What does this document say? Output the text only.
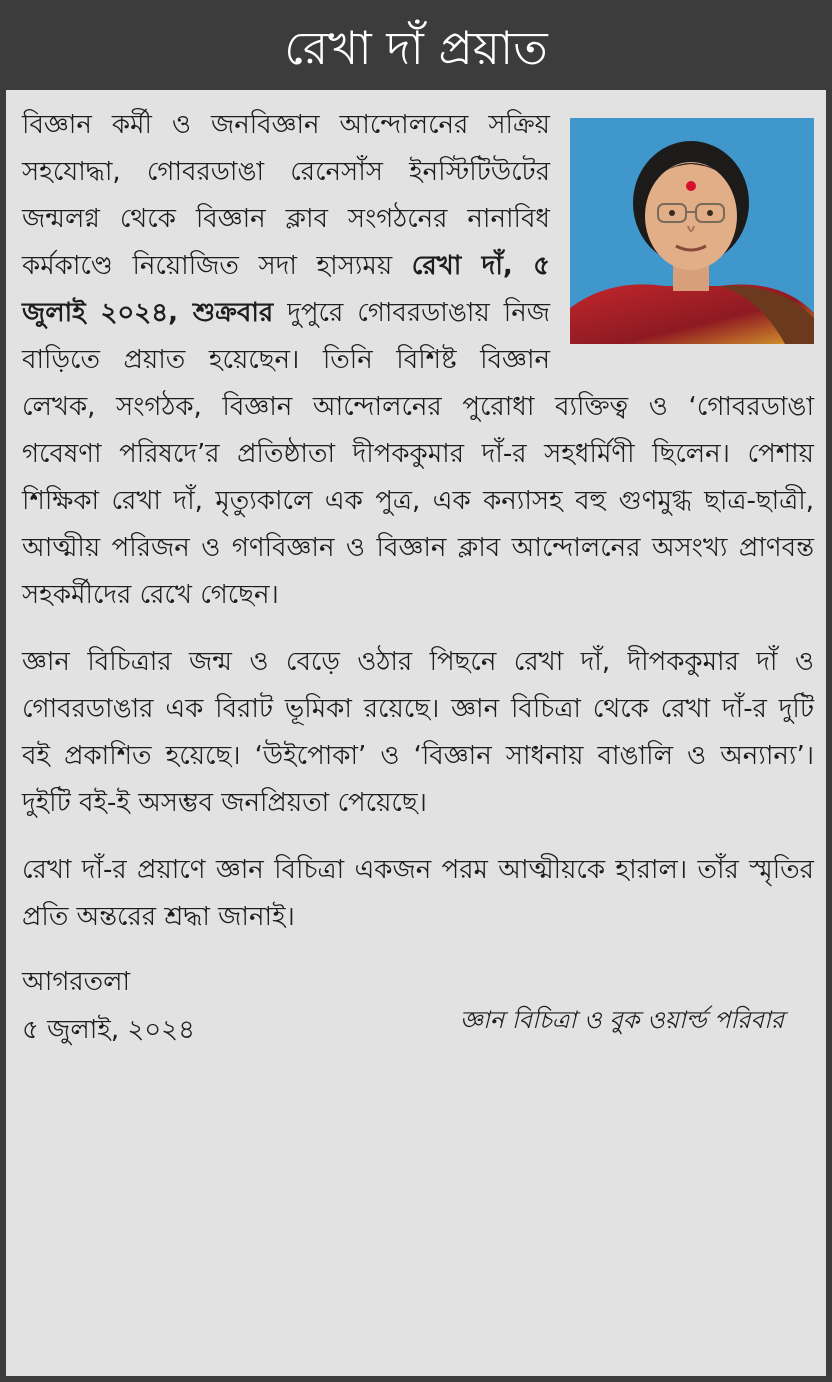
রেখা দাঁ প্রয়াত

বিজ্ঞান কর্মী ও জনবিজ্ঞান আন্দোলনের সক্রিয় সহযোদ্ধা, গোবরডাঙা রেনেসাঁস ইনস্টিটিউটের জন্মলগ্ন থেকে বিজ্ঞান ক্লাব সংগঠনের নানাবিধ কর্মকাণ্ডে নিয়োজিত সদা হাস্যময় রেখা দাঁ, ৫ জুলাই ২০২৪, শুক্রবার দুপুরে গোবরডাঙায় নিজ বাড়িতে প্রয়াত হয়েছেন। তিনি বিশিষ্ট বিজ্ঞান লেখক, সংগঠক, বিজ্ঞান আন্দোলনের পুরোধা ব্যক্তিত্ব ও ‘গোবরডাঙা গবেষণা পরিষদে’র প্রতিষ্ঠাতা দীপককুমার দাঁ-র সহধর্মিণী ছিলেন। পেশায় শিক্ষিকা রেখা দাঁ, মৃত্যুকালে এক পুত্র, এক কন্যাসহ বহু গুণমুগ্ধ ছাত্র-ছাত্রী, আত্মীয় পরিজন ও গণবিজ্ঞান ও বিজ্ঞান ক্লাব আন্দোলনের অসংখ্য প্রাণবন্ত সহকর্মীদের রেখে গেছেন।

জ্ঞান বিচিত্রার জন্ম ও বেড়ে ওঠার পিছনে রেখা দাঁ, দীপককুমার দাঁ ও গোবরডাঙার এক বিরাট ভূমিকা রয়েছে। জ্ঞান বিচিত্রা থেকে রেখা দাঁ-র দুটি বই প্রকাশিত হয়েছে। ‘উইপোকা’ ও ‘বিজ্ঞান সাধনায় বাঙালি ও অন্যান্য’। দুইটি বই-ই অসম্ভব জনপ্রিয়তা পেয়েছে।

রেখা দাঁ-র প্রয়াণে জ্ঞান বিচিত্রা একজন পরম আত্মীয়কে হারাল। তাঁর স্মৃতির প্রতি অন্তরের শ্রদ্ধা জানাই।

আগরতলা
৫ জুলাই, ২০২৪	জ্ঞান বিচিত্রা ও বুক ওয়ার্ল্ড পরিবার
